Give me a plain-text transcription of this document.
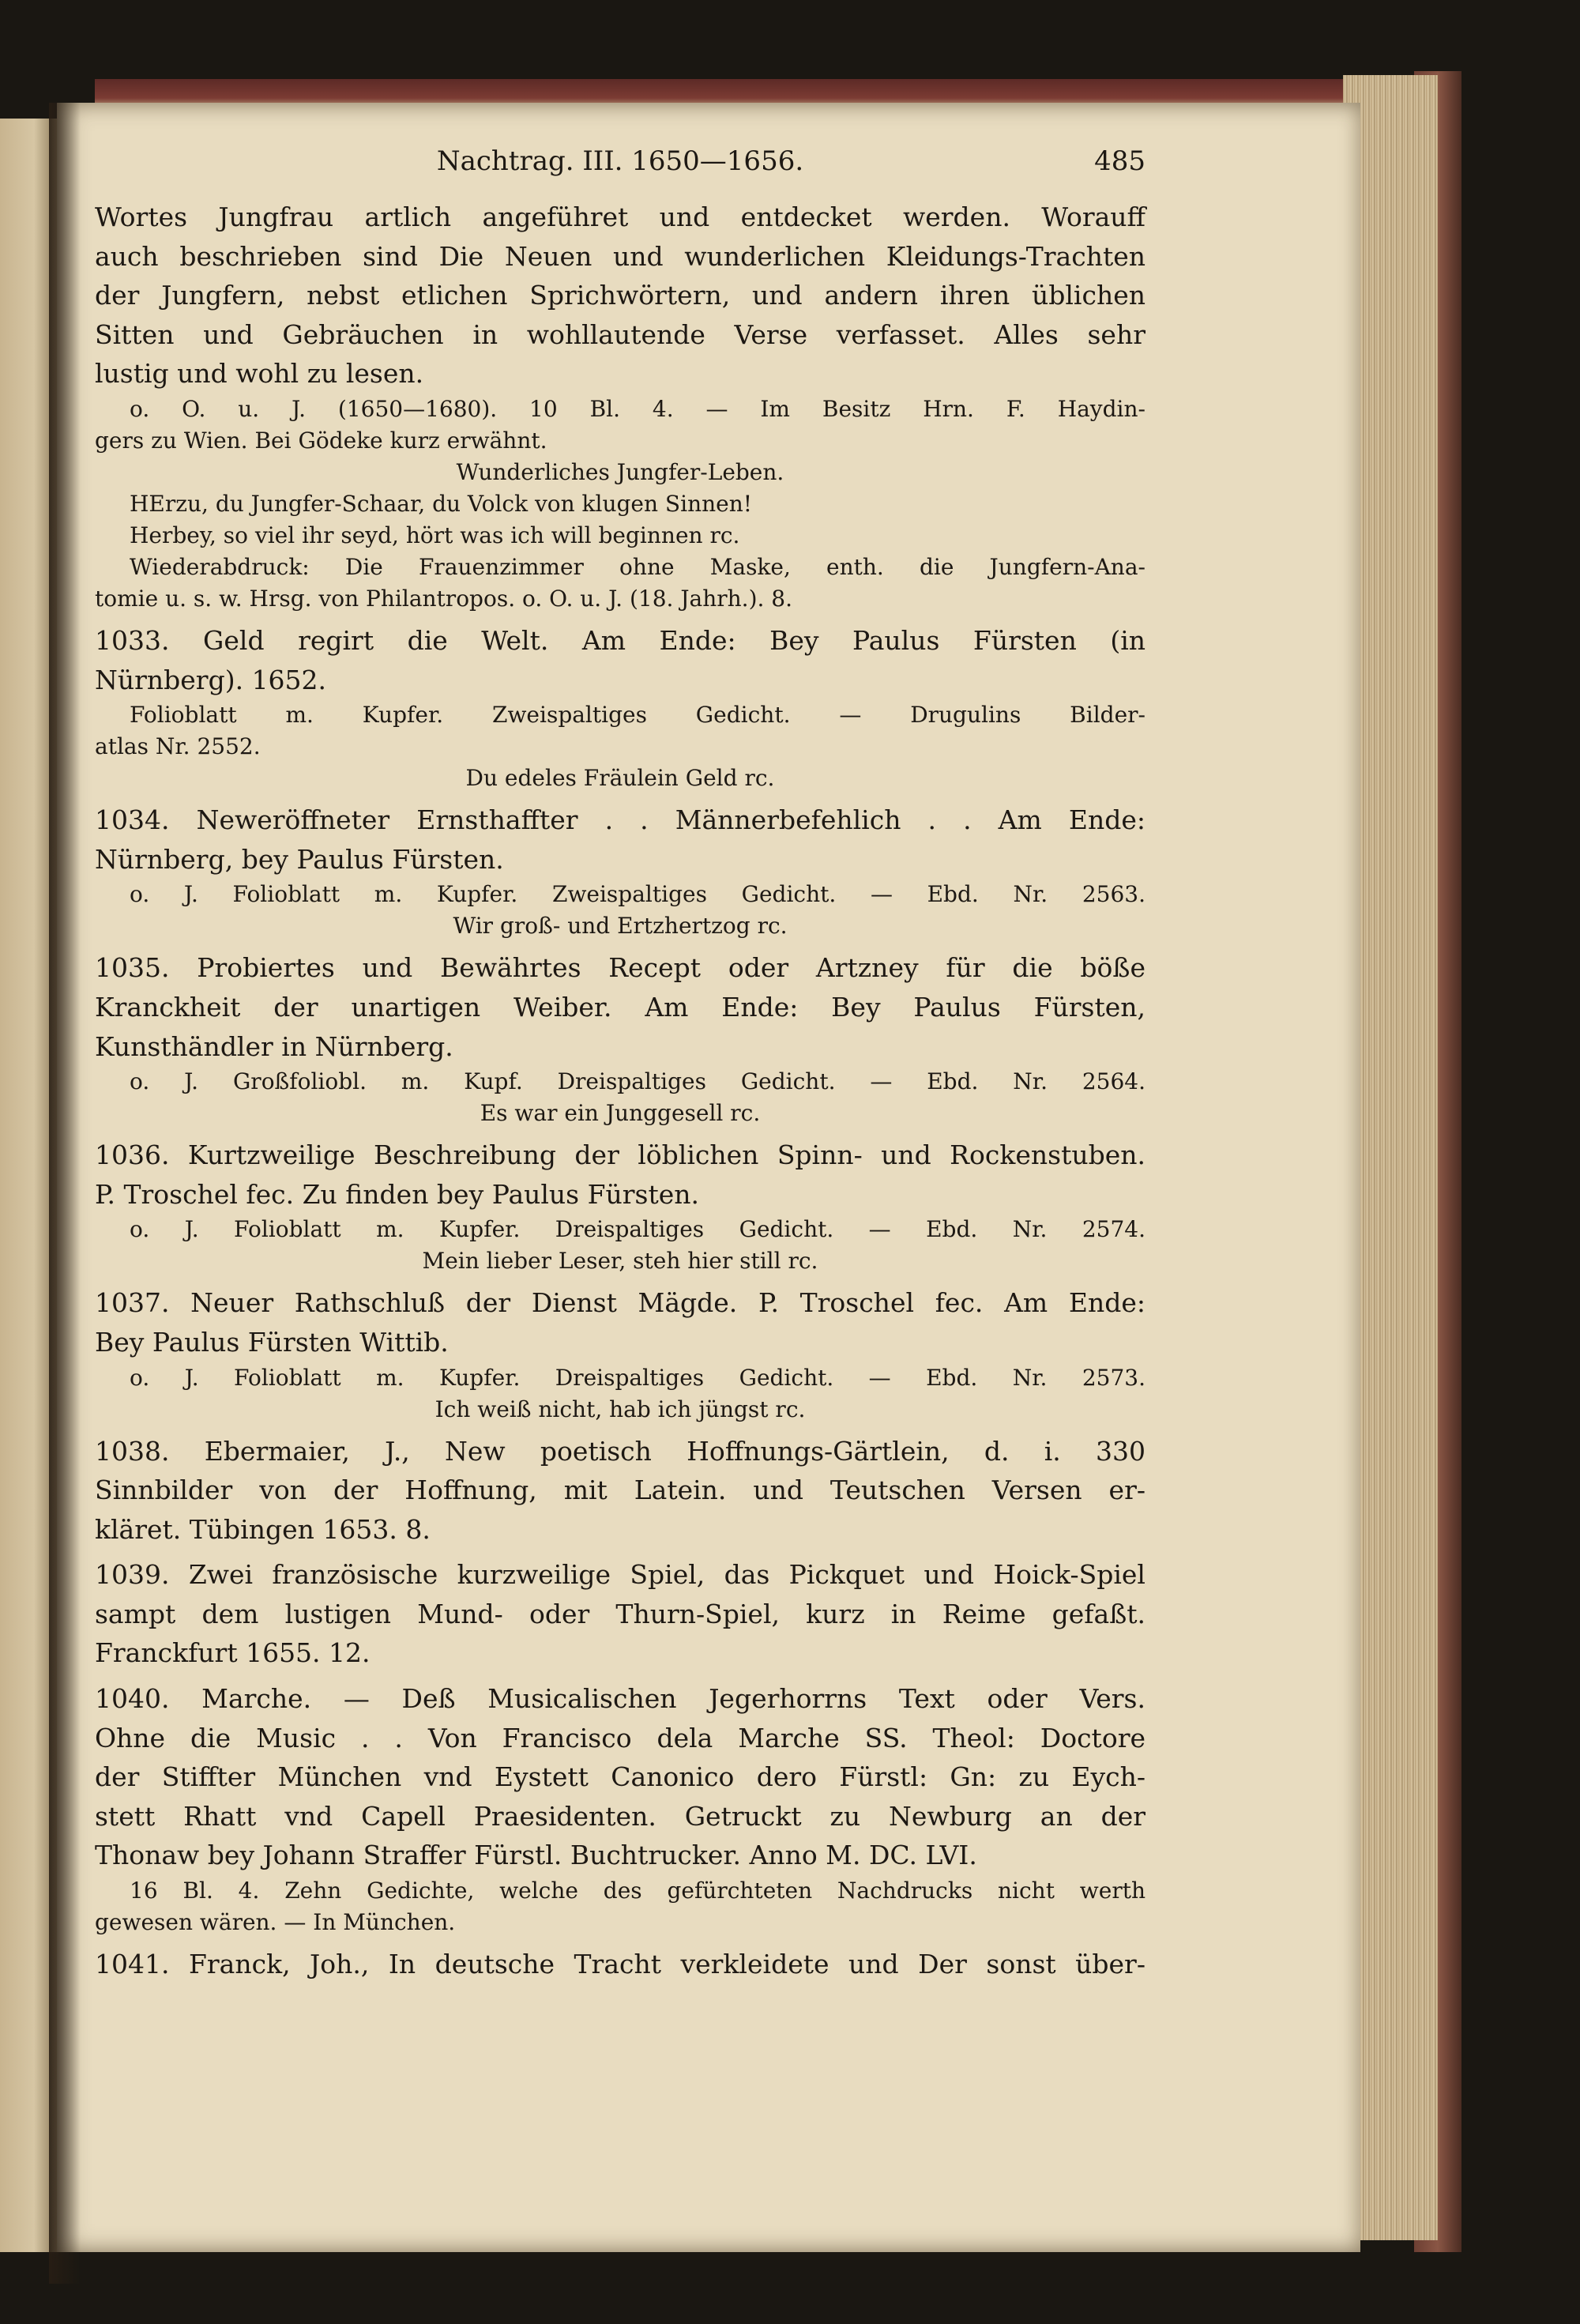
Nachtrag. III. 1650—1656.	485

Wortes Jungfrau artlich angeführet und entdecket werden. Worauff

auch beschrieben sind Die Neuen und wunderlichen Kleidungs-Trachten

der Jungfern, nebst etlichen Sprichwörtern, und andern ihren üblichen

Sitten und Gebräuchen in wohllautende Verse verfasset. Alles sehr

lustig und wohl zu lesen.

o. O. u. J. (1650—1680). 10 Bl. 4. — Im Besitz Hrn. F. Haydin-

gers zu Wien. Bei Gödeke kurz erwähnt.

Wunderliches Jungfer-Leben.

HErzu, du Jungfer-Schaar, du Volck von klugen Sinnen!

Herbey, so viel ihr seyd, hört was ich will beginnen rc.

Wiederabdruck: Die Frauenzimmer ohne Maske, enth. die Jungfern-Ana-

tomie u. s. w. Hrsg. von Philantropos. o. O. u. J. (18. Jahrh.). 8.

1033. Geld regirt die Welt. Am Ende: Bey Paulus Fürsten (in

Nürnberg). 1652.

Folioblatt m. Kupfer. Zweispaltiges Gedicht. — Drugulins Bilder-

atlas Nr. 2552.

Du edeles Fräulein Geld rc.

1034. Neweröffneter Ernsthaffter . . Männerbefehlich . . Am Ende:

Nürnberg, bey Paulus Fürsten.

o. J. Folioblatt m. Kupfer. Zweispaltiges Gedicht. — Ebd. Nr. 2563.

Wir groß- und Ertzhertzog rc.

1035. Probiertes und Bewährtes Recept oder Artzney für die böße

Kranckheit der unartigen Weiber. Am Ende: Bey Paulus Fürsten,

Kunsthändler in Nürnberg.

o. J. Großfoliobl. m. Kupf. Dreispaltiges Gedicht. — Ebd. Nr. 2564.

Es war ein Junggesell rc.

1036. Kurtzweilige Beschreibung der löblichen Spinn- und Rockenstuben.

P. Troschel fec. Zu finden bey Paulus Fürsten.

o. J. Folioblatt m. Kupfer. Dreispaltiges Gedicht. — Ebd. Nr. 2574.

Mein lieber Leser, steh hier still rc.

1037. Neuer Rathschluß der Dienst Mägde. P. Troschel fec. Am Ende:

Bey Paulus Fürsten Wittib.

o. J. Folioblatt m. Kupfer. Dreispaltiges Gedicht. — Ebd. Nr. 2573.

Ich weiß nicht, hab ich jüngst rc.

1038. Ebermaier, J., New poetisch Hoffnungs-Gärtlein, d. i. 330

Sinnbilder von der Hoffnung, mit Latein. und Teutschen Versen er-

kläret. Tübingen 1653. 8.

1039. Zwei französische kurzweilige Spiel, das Pickquet und Hoick-Spiel

sampt dem lustigen Mund- oder Thurn-Spiel, kurz in Reime gefaßt.

Franckfurt 1655. 12.

1040. Marche. — Deß Musicalischen Jegerhorrns Text oder Vers.

Ohne die Music . . Von Francisco dela Marche SS. Theol: Doctore

der Stiffter München vnd Eystett Canonico dero Fürstl: Gn: zu Eych-

stett Rhatt vnd Capell Praesidenten. Getruckt zu Newburg an der

Thonaw bey Johann Straffer Fürstl. Buchtrucker. Anno M. DC. LVI.

16 Bl. 4. Zehn Gedichte, welche des gefürchteten Nachdrucks nicht werth

gewesen wären. — In München.

1041. Franck, Joh., In deutsche Tracht verkleidete und Der sonst über-
